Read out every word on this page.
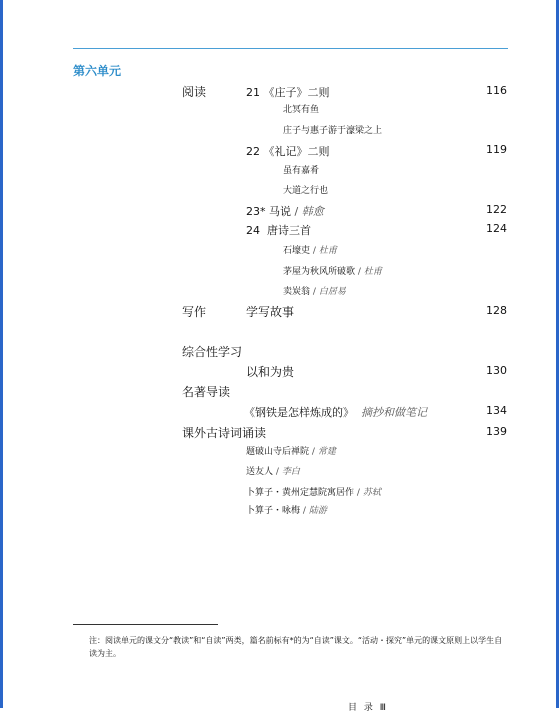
第六单元
阅读	21 《庄子》二则	116
北冥有鱼
庄子与惠子游于濠梁之上
22 《礼记》二则	119
虽有嘉肴
大道之行也
23* 马说 / 韩愈	122
24 唐诗三首	124
石壕吏 / 杜甫
茅屋为秋风所破歌 / 杜甫
卖炭翁 / 白居易
写作	学写故事	128
综合性学习
以和为贵	130
名著导读
《钢铁是怎样炼成的》 摘抄和做笔记	134
课外古诗词诵读	139
题破山寺后禅院 / 常建
送友人 / 李白
卜算子・黄州定慧院寓居作 / 苏轼
卜算子・咏梅 / 陆游
注：阅读单元的课文分“教读”和“自读”两类，篇名前标有*的为“自读”课文。“活动・探究”单元的课文原则上以学生自读为主。
目 录 Ⅲ
